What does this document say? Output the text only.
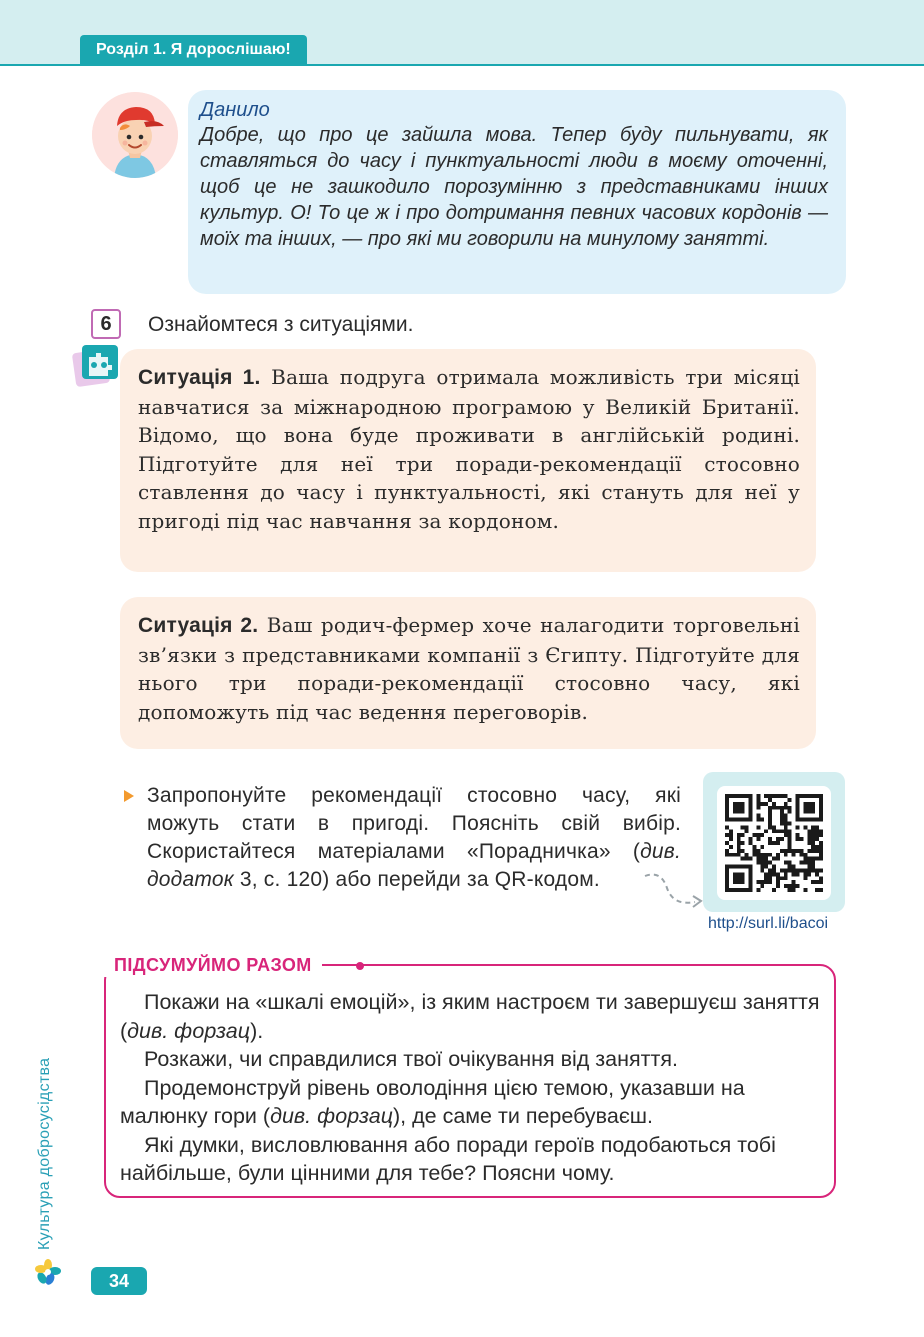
Розділ 1. Я дорослішаю!
Данило
Добре, що про це зайшла мова. Тепер буду пильнувати, як ставляться до часу і пунктуальності люди в моєму оточенні, щоб це не зашкодило порозумінню з представниками інших культур. О! То це ж і про дотримання певних часових кордонів — моїх та інших, — про які ми говорили на минулому занятті.
6	Ознайомтеся з ситуаціями.
Ситуація 1. Ваша подруга отримала можливість три місяці навчатися за міжнародною програмою у Великій Британії. Відомо, що вона буде проживати в англійській родині. Підготуйте для неї три поради-рекомендації стосовно ставлення до часу і пунктуальності, які стануть для неї у пригоді під час навчання за кордоном.
Ситуація 2. Ваш родич-фермер хоче налагодити торговельні зв’язки з представниками компанії з Єгипту. Підготуйте для нього три поради-рекомендації стосовно часу, які допоможуть під час ведення переговорів.
Запропонуйте рекомендації стосовно часу, які можуть стати в пригоді. Поясніть свій вибір. Скористайтеся матеріалами «Порадничка» (див. додаток 3, с. 120) або перейди за QR-кодом.
http://surl.li/bacoi
ПІДСУМУЙМО РАЗОМ

Покажи на «шкалі емоцій», із яким настроєм ти завершуєш заняття (див. форзац).

Розкажи, чи справдилися твої очікування від заняття.

Продемонструй рівень оволодіння цією темою, указавши на малюнку гори (див. форзац), де саме ти перебуваєш.

Які думки, висловлювання або поради героїв подобаються тобі найбільше, були цінними для тебе? Поясни чому.

Культура добросусідства
34
